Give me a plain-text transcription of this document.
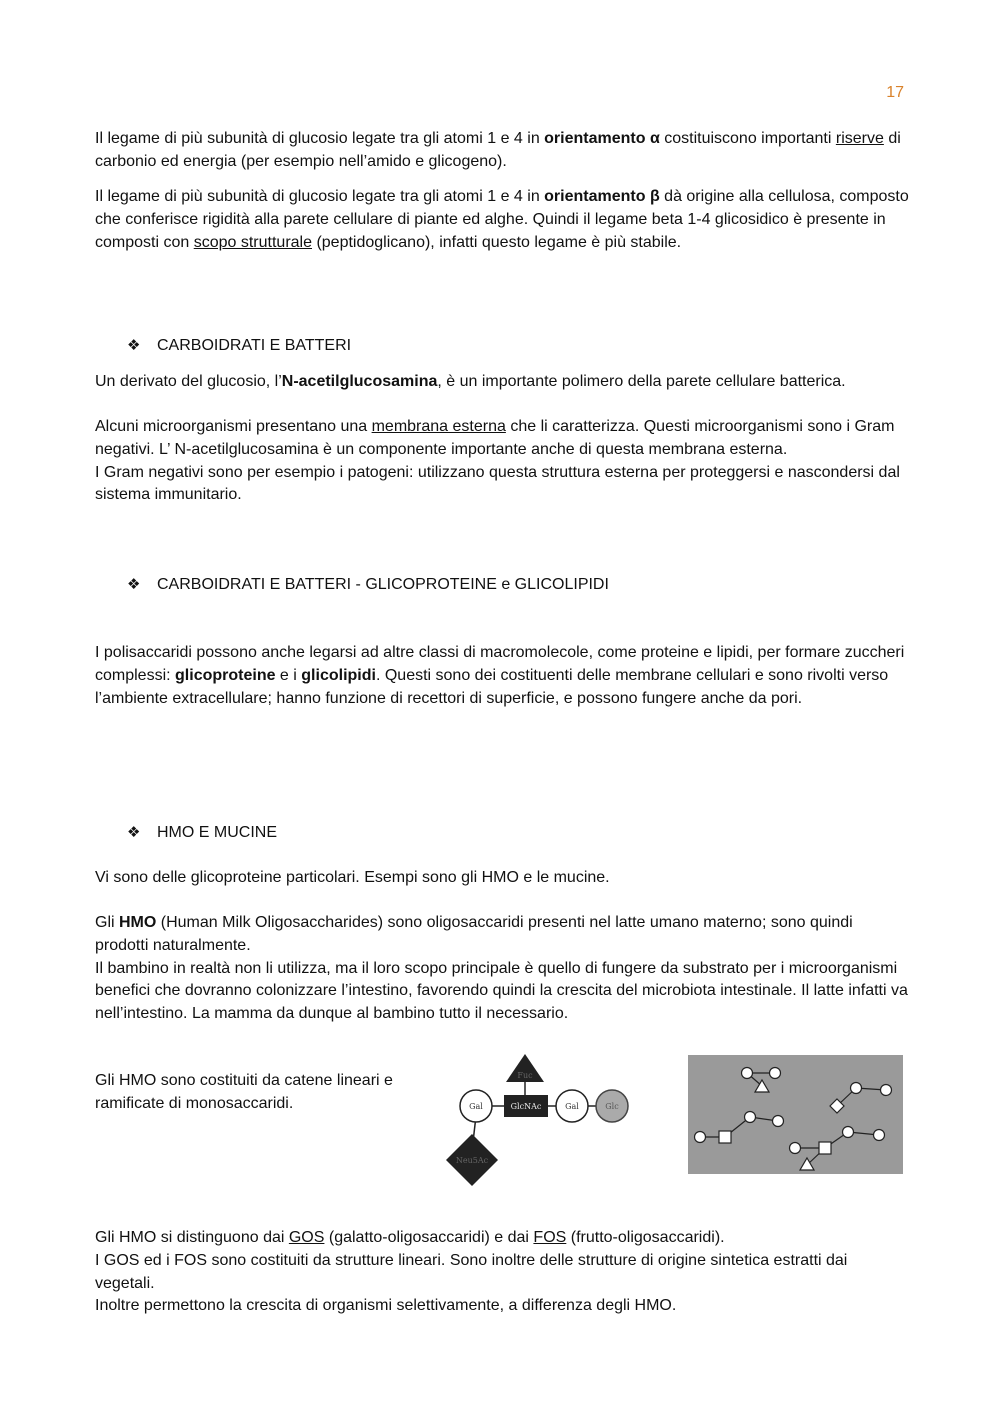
17

Il legame di più subunità di glucosio legate tra gli atomi 1 e 4 in orientamento α costituiscono importanti riserve di carbonio ed energia (per esempio nell’amido e glicogeno).

Il legame di più subunità di glucosio legate tra gli atomi 1 e 4 in orientamento β dà origine alla cellulosa, composto che conferisce rigidità alla parete cellulare di piante ed alghe. Quindi il legame beta 1-4 glicosidico è presente in composti con scopo strutturale (peptidoglicano), infatti questo legame è più stabile.

❖	CARBOIDRATI E BATTERI

Un derivato del glucosio, l’N-acetilglucosamina, è un importante polimero della parete cellulare batterica.

Alcuni microorganismi presentano una membrana esterna che li caratterizza. Questi microorganismi sono i Gram negativi. L’ N-acetilglucosamina è un componente importante anche di questa membrana esterna.

I Gram negativi sono per esempio i patogeni: utilizzano questa struttura esterna per proteggersi e nascondersi dal sistema immunitario.

❖	CARBOIDRATI E BATTERI - GLICOPROTEINE e GLICOLIPIDI

I polisaccaridi possono anche legarsi ad altre classi di macromolecole, come proteine e lipidi, per formare zuccheri complessi: glicoproteine e i glicolipidi. Questi sono dei costituenti delle membrane cellulari e sono rivolti verso l’ambiente extracellulare; hanno funzione di recettori di superficie, e possono fungere anche da pori.

❖	HMO E MUCINE

Vi sono delle glicoproteine particolari. Esempi sono gli HMO e le mucine.

Gli HMO (Human Milk Oligosaccharides) sono oligosaccaridi presenti nel latte umano materno; sono quindi prodotti naturalmente.

Il bambino in realtà non li utilizza, ma il loro scopo principale è quello di fungere da substrato per i microorganismi benefici che dovranno colonizzare l’intestino, favorendo quindi la crescita del microbiota intestinale. Il latte infatti va nell’intestino. La mamma da dunque al bambino tutto il necessario.

Gli HMO sono costituiti da catene lineari e ramificate di monosaccaridi.

Fuc
Gal	GlcNAc	Gal	Glc
Neu5Ac

Gli HMO si distinguono dai GOS (galatto-oligosaccaridi) e dai FOS (frutto-oligosaccaridi).

I GOS ed i FOS sono costituiti da strutture lineari. Sono inoltre delle strutture di origine sintetica estratti dai vegetali.

Inoltre permettono la crescita di organismi selettivamente, a differenza degli HMO.
